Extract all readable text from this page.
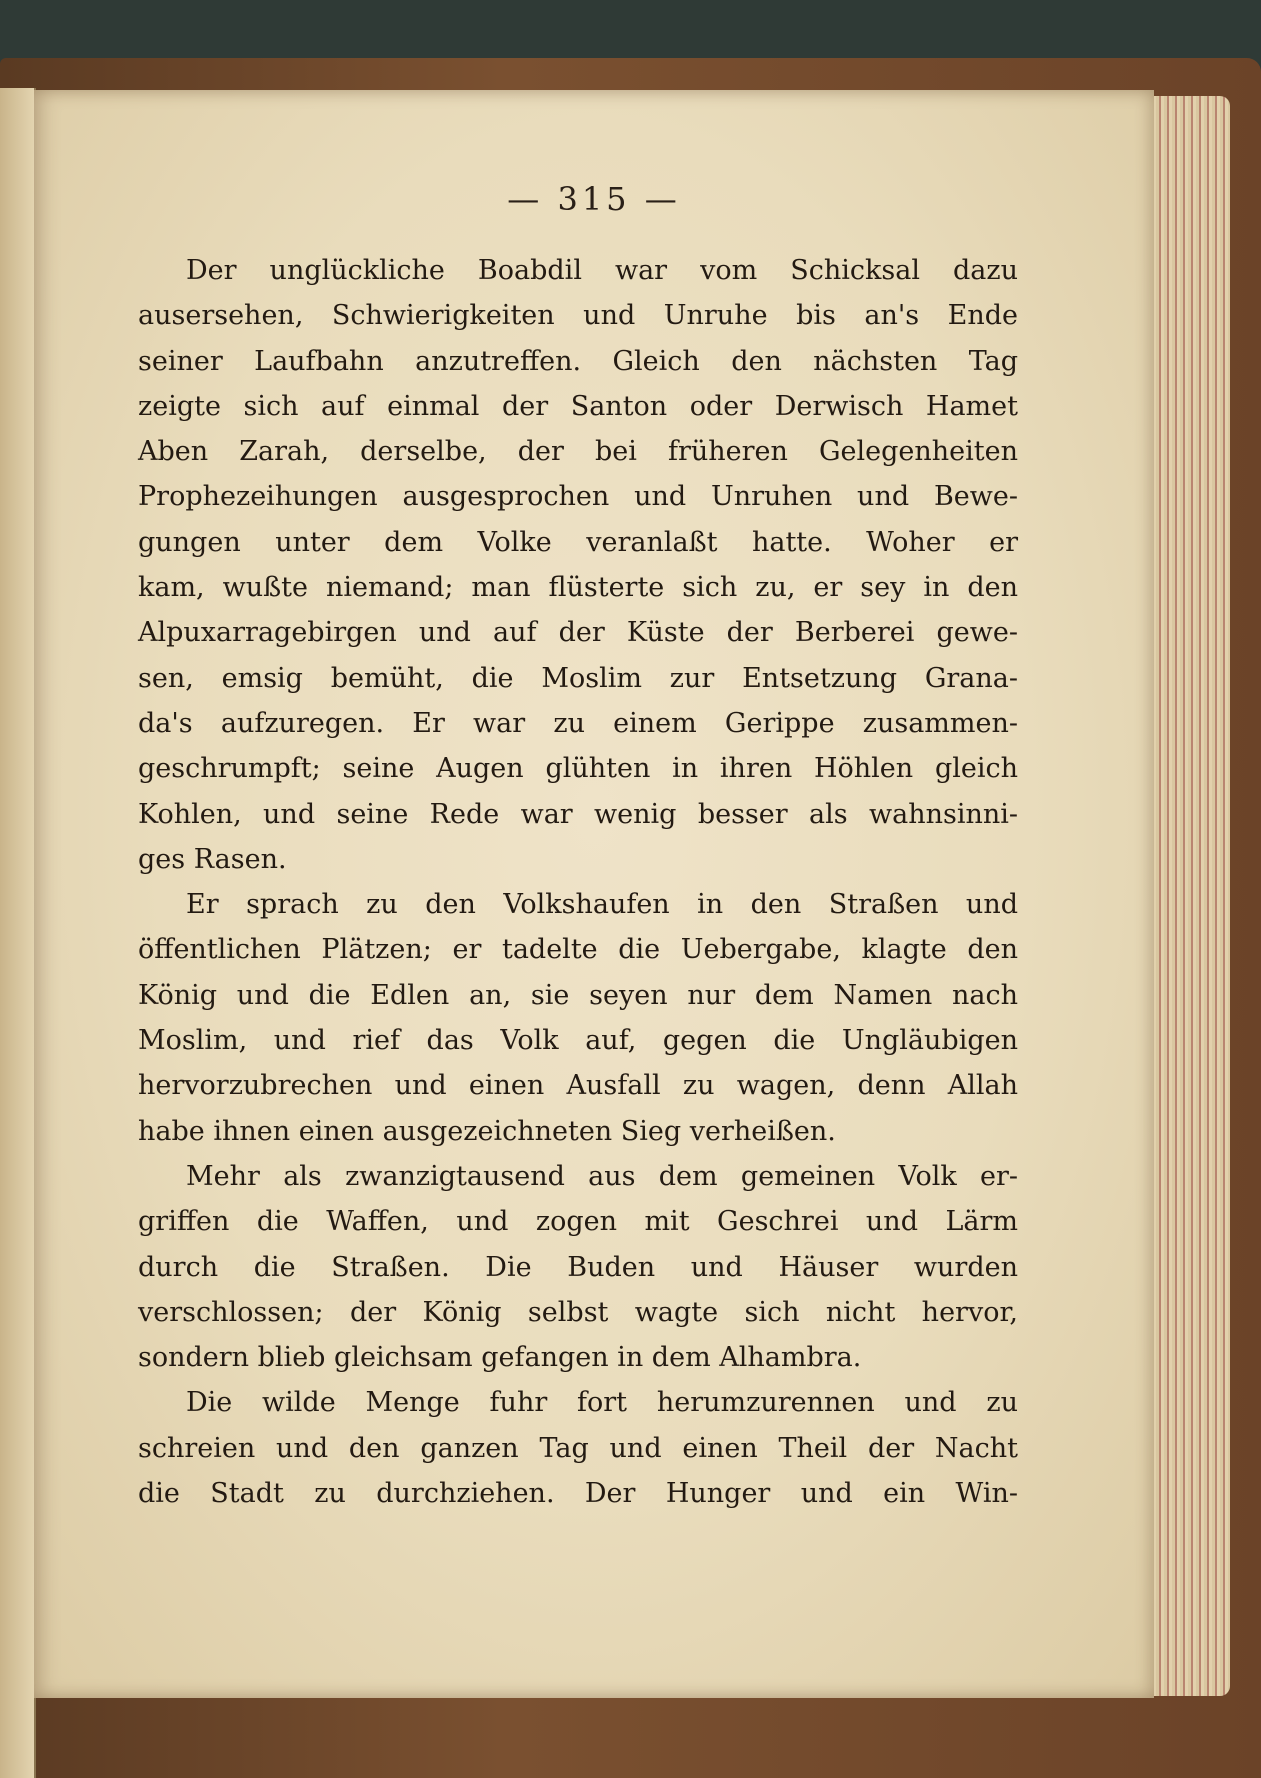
— 315 —

Der unglückliche Boabdil war vom Schicksal dazu
ausersehen, Schwierigkeiten und Unruhe bis an's Ende
seiner Laufbahn anzutreffen. Gleich den nächsten Tag
zeigte sich auf einmal der Santon oder Derwisch Hamet
Aben Zarah, derselbe, der bei früheren Gelegenheiten
Prophezeihungen ausgesprochen und Unruhen und Bewe-
gungen unter dem Volke veranlaßt hatte. Woher er
kam, wußte niemand; man flüsterte sich zu, er sey in den
Alpuxarragebirgen und auf der Küste der Berberei gewe-
sen, emsig bemüht, die Moslim zur Entsetzung Grana-
da's aufzuregen. Er war zu einem Gerippe zusammen-
geschrumpft; seine Augen glühten in ihren Höhlen gleich
Kohlen, und seine Rede war wenig besser als wahnsinni-
ges Rasen.

Er sprach zu den Volkshaufen in den Straßen und
öffentlichen Plätzen; er tadelte die Uebergabe, klagte den
König und die Edlen an, sie seyen nur dem Namen nach
Moslim, und rief das Volk auf, gegen die Ungläubigen
hervorzubrechen und einen Ausfall zu wagen, denn Allah
habe ihnen einen ausgezeichneten Sieg verheißen.

Mehr als zwanzigtausend aus dem gemeinen Volk er-
griffen die Waffen, und zogen mit Geschrei und Lärm
durch die Straßen. Die Buden und Häuser wurden
verschlossen; der König selbst wagte sich nicht hervor,
sondern blieb gleichsam gefangen in dem Alhambra.

Die wilde Menge fuhr fort herumzurennen und zu
schreien und den ganzen Tag und einen Theil der Nacht
die Stadt zu durchziehen. Der Hunger und ein Win-
